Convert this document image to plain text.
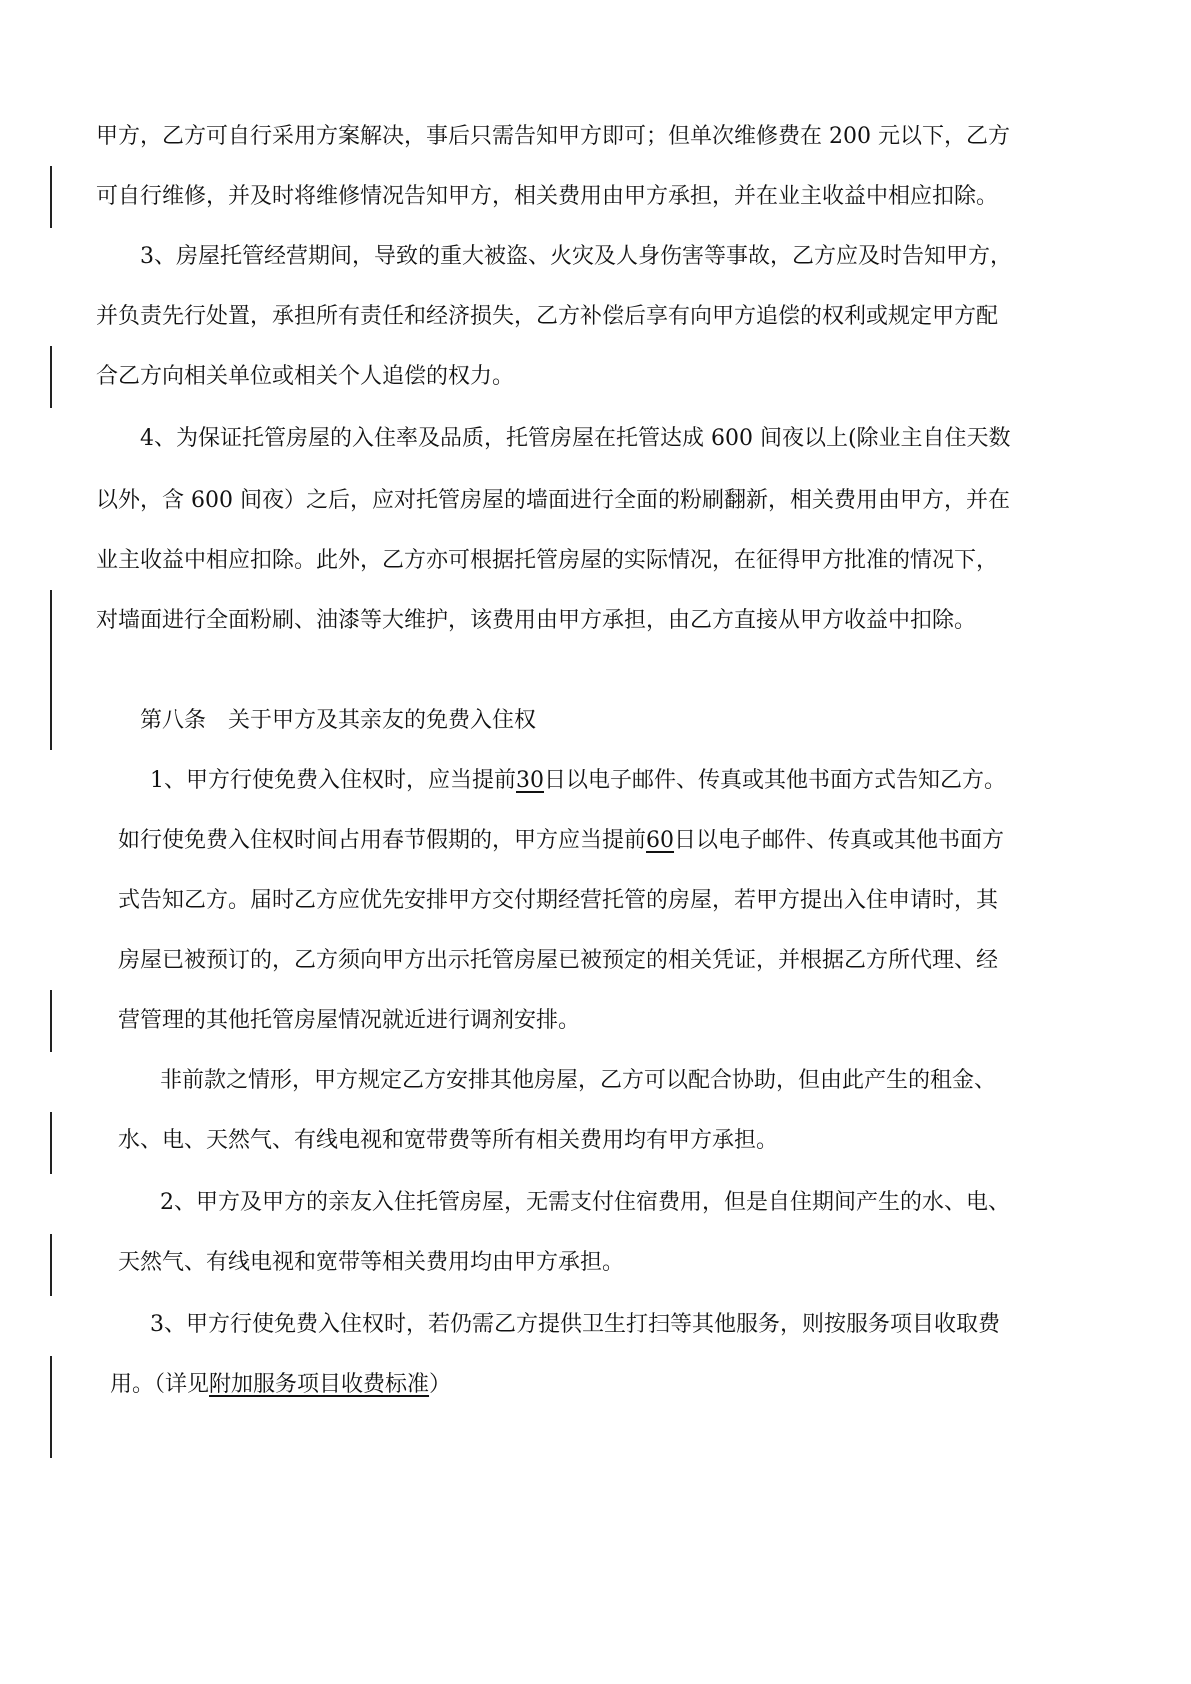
甲方，乙方可自行采用方案解决，事后只需告知甲方即可；但单次维修费在 200 元以下，乙方
可自行维修，并及时将维修情况告知甲方，相关费用由甲方承担，并在业主收益中相应扣除。
3、房屋托管经营期间，导致的重大被盗、火灾及人身伤害等事故，乙方应及时告知甲方，
并负责先行处置，承担所有责任和经济损失，乙方补偿后享有向甲方追偿的权利或规定甲方配
合乙方向相关单位或相关个人追偿的权力。
4、为保证托管房屋的入住率及品质，托管房屋在托管达成 600 间夜以上(除业主自住天数
以外，含 600 间夜）之后，应对托管房屋的墙面进行全面的粉刷翻新，相关费用由甲方，并在
业主收益中相应扣除。此外，乙方亦可根据托管房屋的实际情况，在征得甲方批准的情况下，
对墙面进行全面粉刷、油漆等大维护，该费用由甲方承担，由乙方直接从甲方收益中扣除。
第八条　关于甲方及其亲友的免费入住权
1、甲方行使免费入住权时，应当提前30日以电子邮件、传真或其他书面方式告知乙方。
如行使免费入住权时间占用春节假期的，甲方应当提前60日以电子邮件、传真或其他书面方
式告知乙方。届时乙方应优先安排甲方交付期经营托管的房屋，若甲方提出入住申请时，其
房屋已被预订的，乙方须向甲方出示托管房屋已被预定的相关凭证，并根据乙方所代理、经
营管理的其他托管房屋情况就近进行调剂安排。
非前款之情形，甲方规定乙方安排其他房屋，乙方可以配合协助，但由此产生的租金、
水、电、天然气、有线电视和宽带费等所有相关费用均有甲方承担。
2、甲方及甲方的亲友入住托管房屋，无需支付住宿费用，但是自住期间产生的水、电、
天然气、有线电视和宽带等相关费用均由甲方承担。
3、甲方行使免费入住权时，若仍需乙方提供卫生打扫等其他服务，则按服务项目收取费
用。（详见附加服务项目收费标准）
